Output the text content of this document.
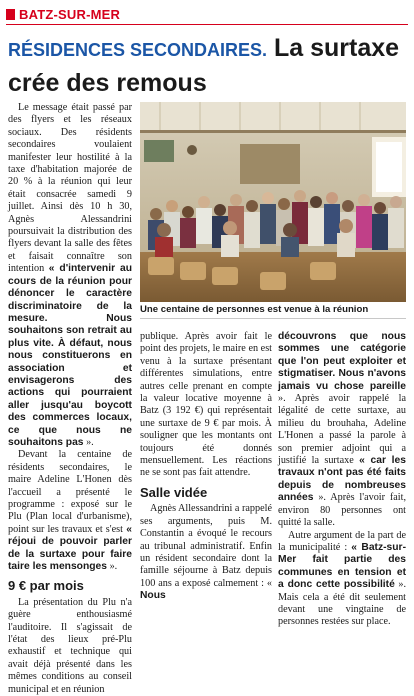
BATZ-SUR-MER
RÉSIDENCES SECONDAIRES. La surtaxe crée des remous

Le message était passé par des flyers et les réseaux sociaux. Des résidents secondaires voulaient manifester leur hostilité à la taxe d'habitation majorée de 20 % à la réunion qui leur était consacrée samedi 9 juillet. Ainsi dès 10 h 30, Agnès Alessandrini poursuivait la distribution des flyers devant la salle des fêtes et faisait connaître son intention « d'intervenir au cours de la réunion pour dénoncer le caractère discriminatoire de la mesure. Nous souhaitons son retrait au plus vite. À défaut, nous nous constituerons en association et envisagerons des actions qui pourraient aller jusqu'au boycott des commerces locaux, ce que nous ne souhaitons pas ».

Devant la centaine de résidents secondaires, le maire Adeline L'Honen dès l'accueil a présenté le programme : exposé sur le Plu (Plan local d'urbanisme), point sur les travaux et s'est « réjoui de pouvoir parler de la surtaxe pour faire taire les mensonges ».

9 € par mois

La présentation du Plu n'a guère enthousiasmé l'auditoire. Il s'agissait de l'état des lieux pré-Plu exhaustif et technique qui avait déjà présenté dans les mêmes conditions au conseil municipal et en réunion

Une centaine de personnes est venue à la réunion

publique. Après avoir fait le point des projets, le maire en est venu à la surtaxe présentant différentes simulations, entre autres celle prenant en compte la valeur locative moyenne à Batz (3 192 €) qui représentait une surtaxe de 9 € par mois. À souligner que les montants ont toujours été donnés mensuellement. Les réactions ne se sont pas fait attendre.

Salle vidée

Agnès Allessandrini a rappelé ses arguments, puis M. Constantin a évoqué le recours au tribunal administratif. Enfin un résident secondaire dont la famille séjourne à Batz depuis 100 ans a exposé calmement : « Nous

découvrons que nous sommes une catégorie que l'on peut exploiter et stigmatiser. Nous n'avons jamais vu chose pareille ». Après avoir rappelé la légalité de cette surtaxe, au milieu du brouhaha, Adeline L'Honen a passé la parole à son premier adjoint qui a justifié la surtaxe « car les travaux n'ont pas été faits depuis de nombreuses années ». Après l'avoir fait, environ 80 personnes ont quitté la salle.

Autre argument de la part de la municipalité : « Batz-sur-Mer fait partie des communes en tension et a donc cette possibilité ». Mais cela a été dit seulement devant une vingtaine de personnes restées sur place.
